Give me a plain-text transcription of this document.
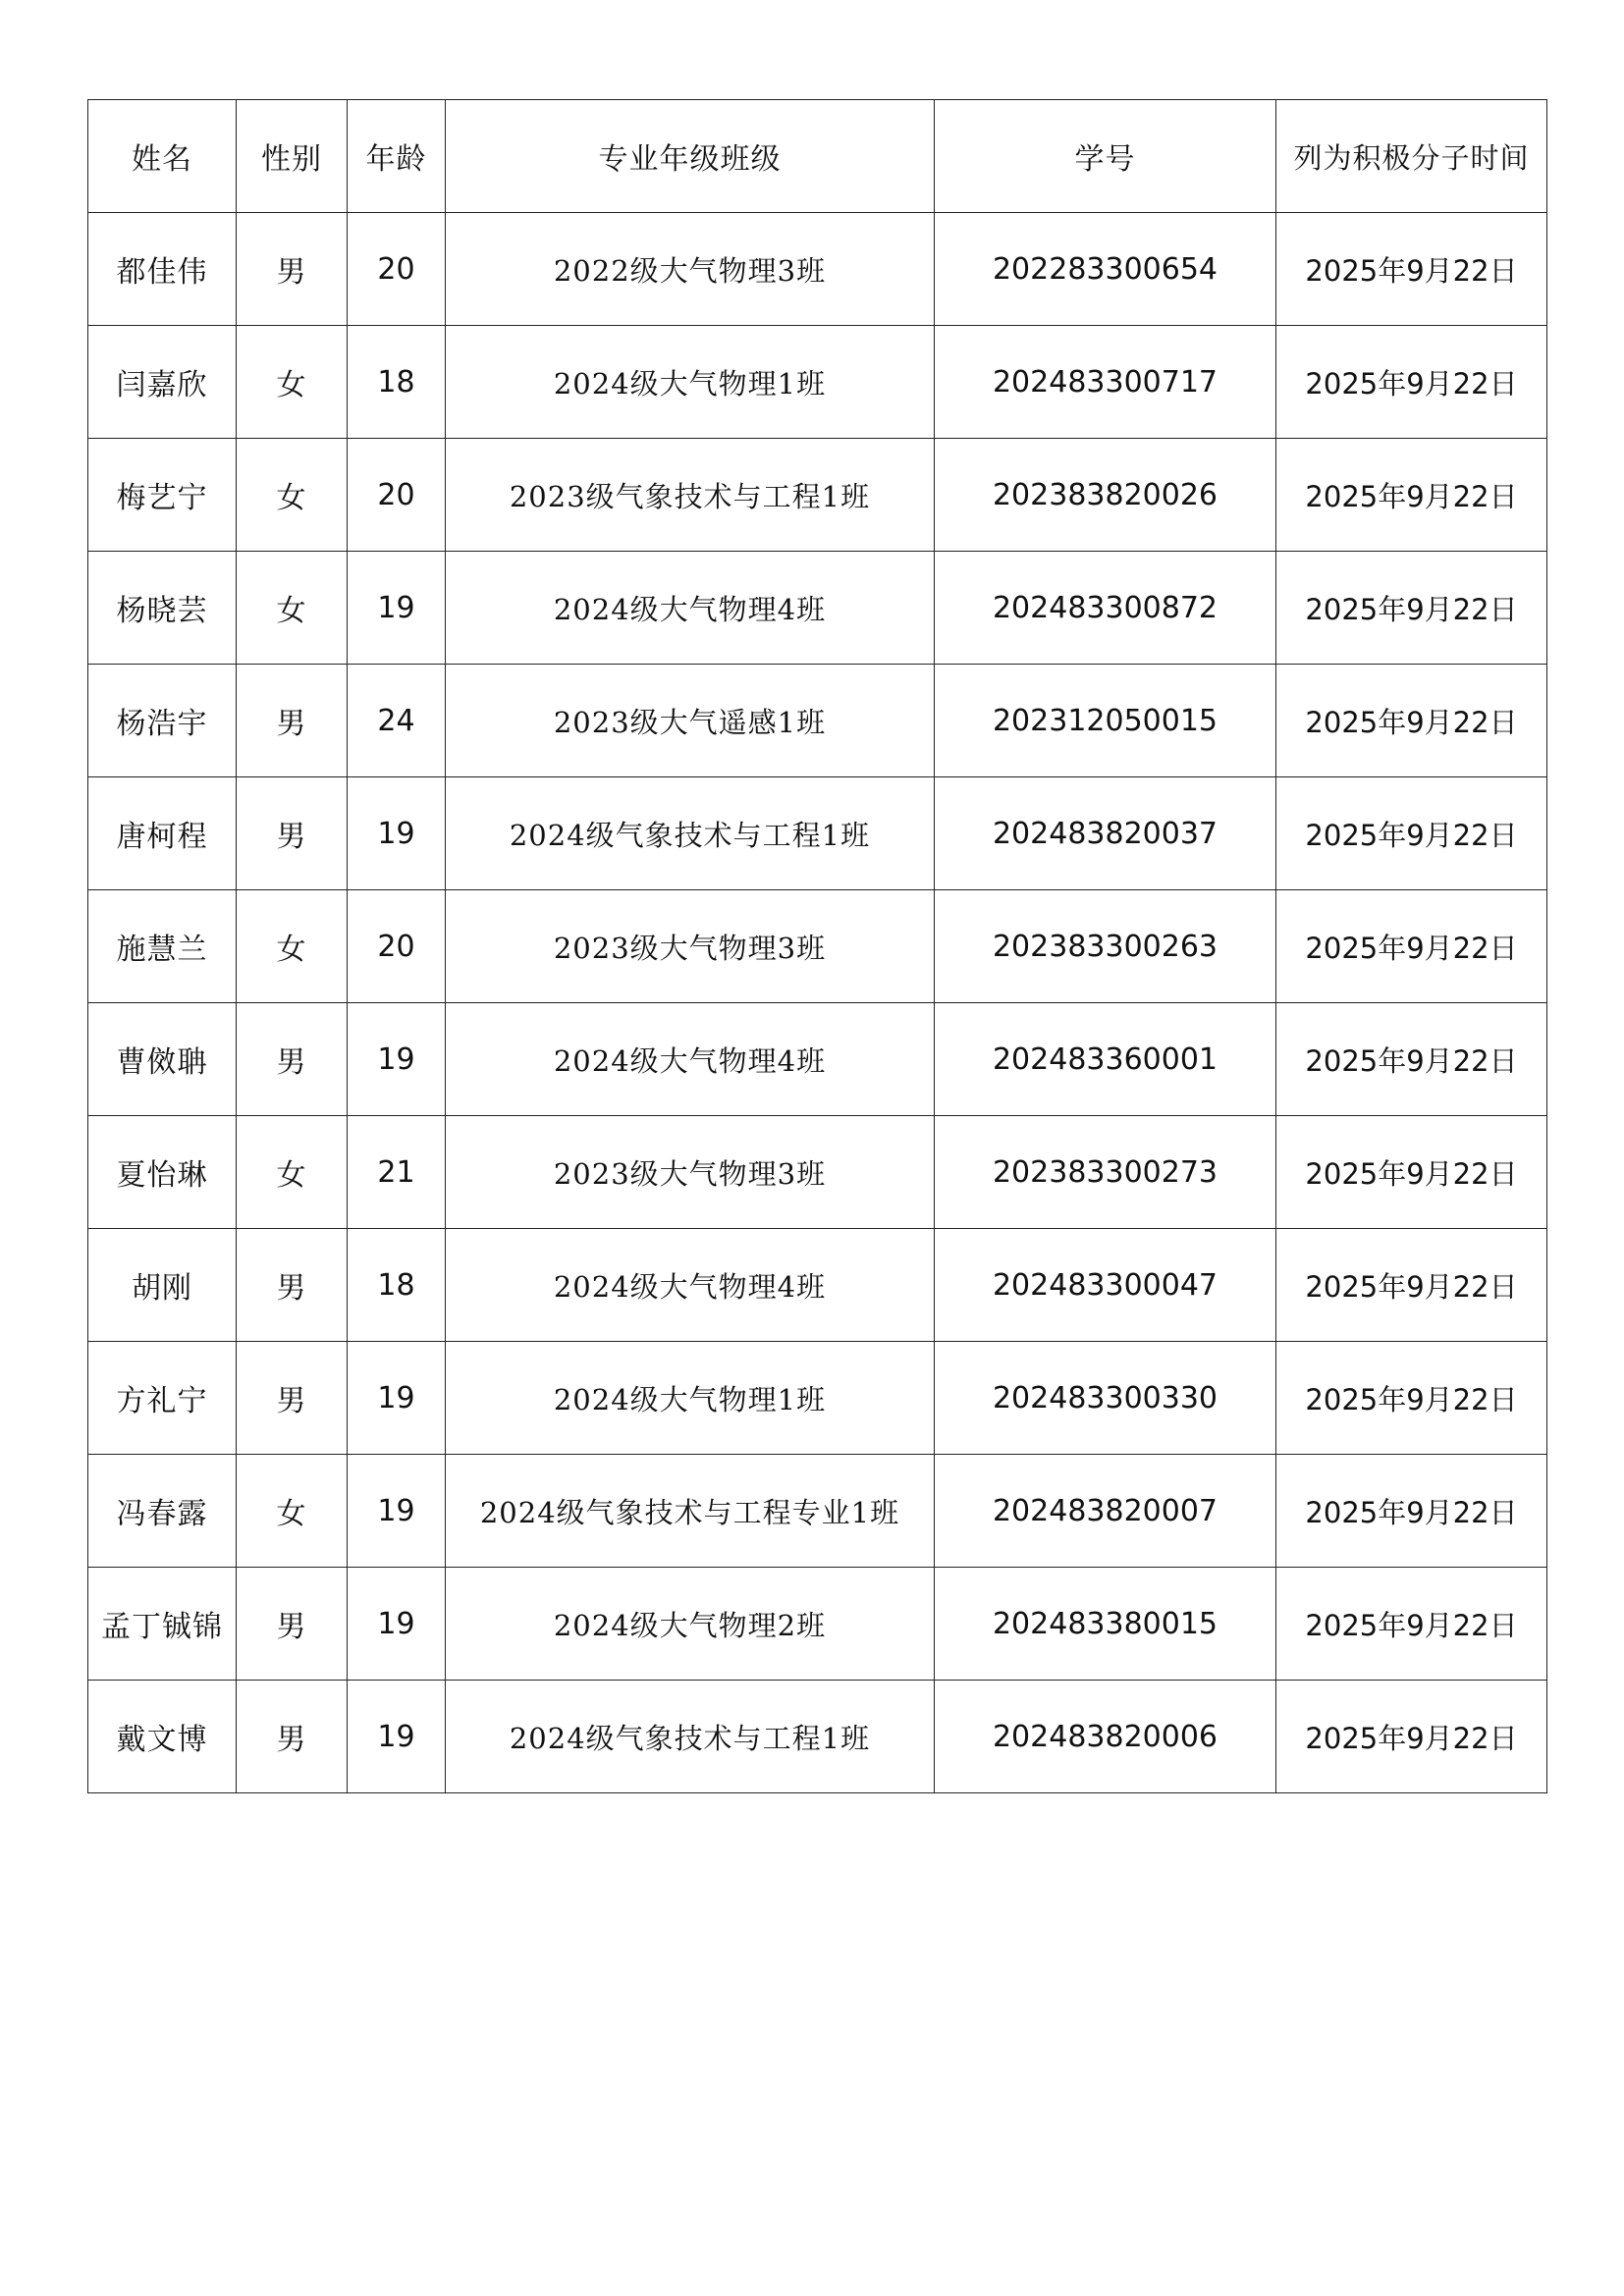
姓名	性别	年龄	专业年级班级	学号	列为积极分子时间
都佳伟	男	20	2022级大气物理3班	202283300654	2025年9月22日
闫嘉欣	女	18	2024级大气物理1班	202483300717	2025年9月22日
梅艺宁	女	20	2023级气象技术与工程1班	202383820026	2025年9月22日
杨晓芸	女	19	2024级大气物理4班	202483300872	2025年9月22日
杨浩宇	男	24	2023级大气遥感1班	202312050015	2025年9月22日
唐柯程	男	19	2024级气象技术与工程1班	202483820037	2025年9月22日
施慧兰	女	20	2023级大气物理3班	202383300263	2025年9月22日
曹傚聃	男	19	2024级大气物理4班	202483360001	2025年9月22日
夏怡琳	女	21	2023级大气物理3班	202383300273	2025年9月22日
胡刚	男	18	2024级大气物理4班	202483300047	2025年9月22日
方礼宁	男	19	2024级大气物理1班	202483300330	2025年9月22日
冯春露	女	19	2024级气象技术与工程专业1班	202483820007	2025年9月22日
孟丁铖锦	男	19	2024级大气物理2班	202483380015	2025年9月22日
戴文博	男	19	2024级气象技术与工程1班	202483820006	2025年9月22日
